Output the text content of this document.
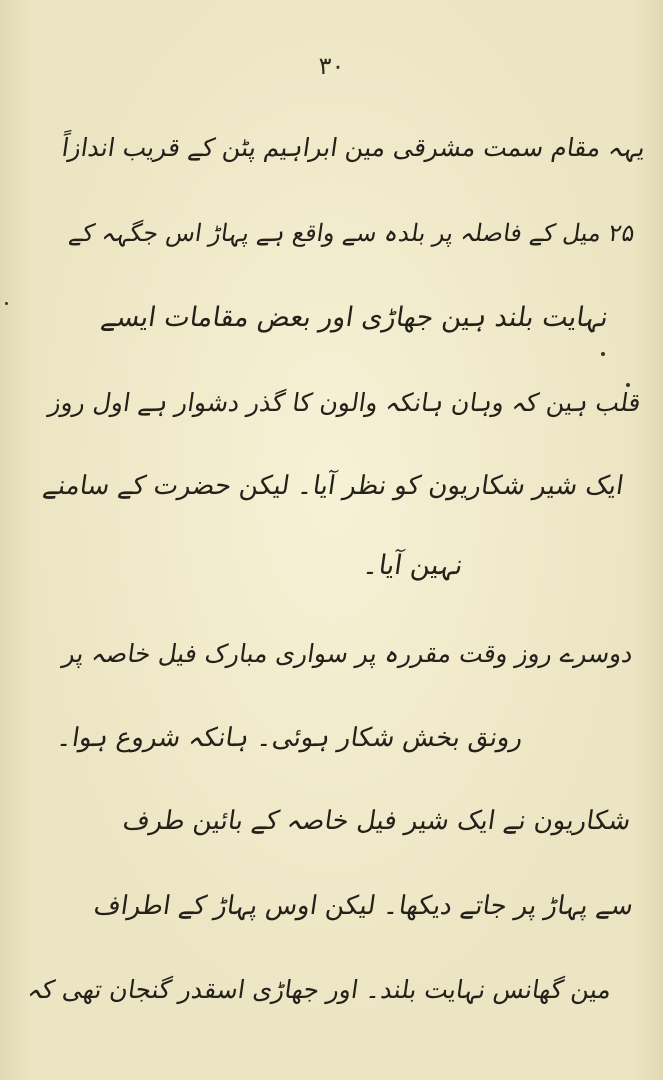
۳۰
یہہ مقام سمت مشرقی مین ابراہیم پٹن کے قریب اندازاً
۲۵ میل کے فاصلہ پر بلدہ سے واقع ہے پہاڑ اس جگہہ کے
نہایت بلند ہین جھاڑی اور بعض مقامات ایسے
قلب ہین کہ وہان ہانکہ والون کا گذر دشوار ہے اول روز
ایک شیر شکاریون کو نظر آیا۔ لیکن حضرت کے سامنے
نہین آیا۔
دوسرے روز وقت مقررہ پر سواری مبارک فیل خاصہ پر
رونق بخش شکار ہوئی۔ ہانکہ شروع ہوا۔
شکاریون نے ایک شیر فیل خاصہ کے بائین طرف
سے پہاڑ پر جاتے دیکھا۔ لیکن اوس پہاڑ کے اطراف
مین گھانس نہایت بلند۔ اور جھاڑی اسقدر گنجان تھی کہ
